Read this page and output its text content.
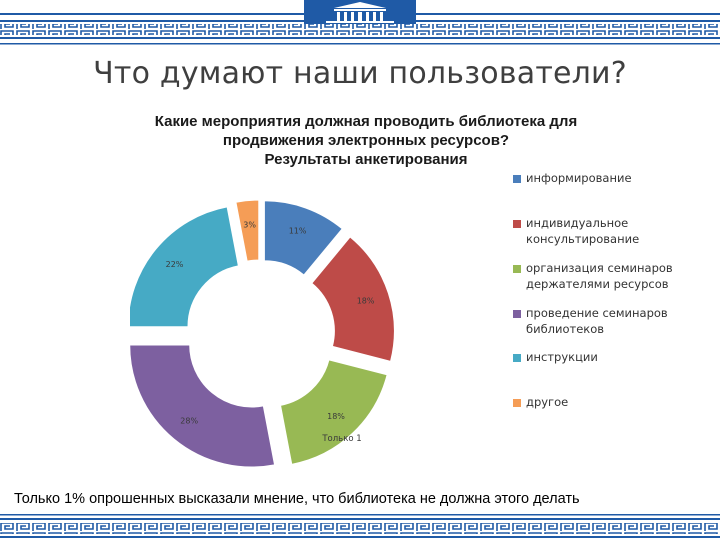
Что думают наши пользователи?
Какие мероприятия должная проводить библиотека для
продвижения электронных ресурсов?
Результаты анкетирования
11%
18%
18%
Только 1
28%
22%
3%
информирование
индивидуальное консультирование
организация семинаров держателями ресурсов
проведение семинаров библиотеков
инструкции
другое
Только 1% опрошенных высказали мнение, что библиотека не должна этого делать
